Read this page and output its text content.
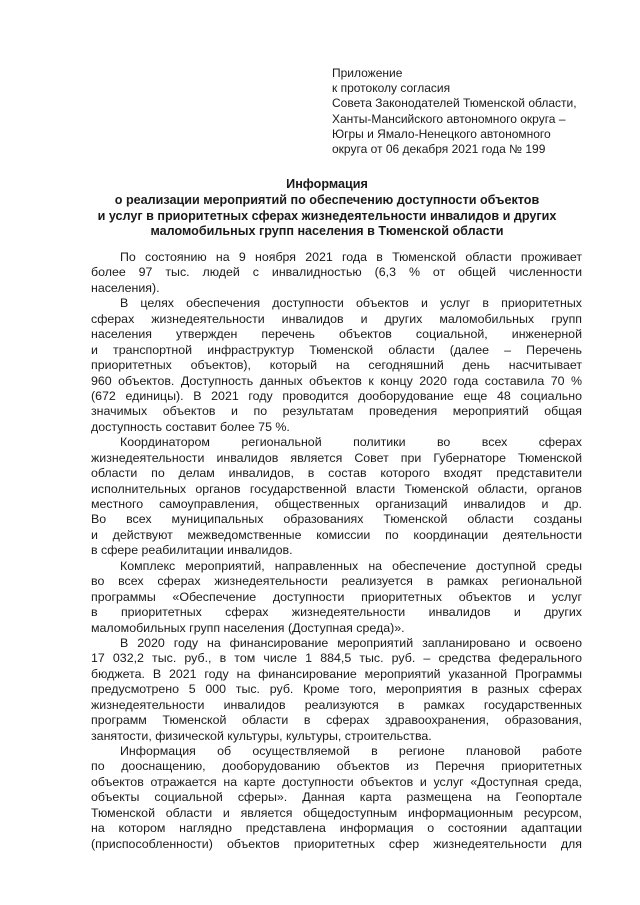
Приложение
к протоколу согласия
Совета Законодателей Тюменской области,
Ханты-Мансийского автономного округа –
Югры и Ямало-Ненецкого автономного
округа от 06 декабря 2021 года № 199
Информация
о реализации мероприятий по обеспечению доступности объектов
и услуг в приоритетных сферах жизнедеятельности инвалидов и других
маломобильных групп населения в Тюменской области
По состоянию на 9 ноября 2021 года в Тюменской области проживает
более 97 тыс. людей с инвалидностью (6,3 % от общей численности
населения).
В целях обеспечения доступности объектов и услуг в приоритетных
сферах жизнедеятельности инвалидов и других маломобильных групп
населения утвержден перечень объектов социальной, инженерной
и транспортной инфраструктур Тюменской области (далее – Перечень
приоритетных объектов), который на сегодняшний день насчитывает
960 объектов. Доступность данных объектов к концу 2020 года составила 70 %
(672 единицы). В 2021 году проводится дооборудование еще 48 социально
значимых объектов и по результатам проведения мероприятий общая
доступность составит более 75 %.
Координатором региональной политики во всех сферах
жизнедеятельности инвалидов является Совет при Губернаторе Тюменской
области по делам инвалидов, в состав которого входят представители
исполнительных органов государственной власти Тюменской области, органов
местного самоуправления, общественных организаций инвалидов и др.
Во всех муниципальных образованиях Тюменской области созданы
и действуют межведомственные комиссии по координации деятельности
в сфере реабилитации инвалидов.
Комплекс мероприятий, направленных на обеспечение доступной среды
во всех сферах жизнедеятельности реализуется в рамках региональной
программы «Обеспечение доступности приоритетных объектов и услуг
в приоритетных сферах жизнедеятельности инвалидов и других
маломобильных групп населения (Доступная среда)».
В 2020 году на финансирование мероприятий запланировано и освоено
17 032,2 тыс. руб., в том числе 1 884,5 тыс. руб. – средства федерального
бюджета. В 2021 году на финансирование мероприятий указанной Программы
предусмотрено 5 000 тыс. руб. Кроме того, мероприятия в разных сферах
жизнедеятельности инвалидов реализуются в рамках государственных
программ Тюменской области в сферах здравоохранения, образования,
занятости, физической культуры, культуры, строительства.
Информация об осуществляемой в регионе плановой работе
по дооснащению, дооборудованию объектов из Перечня приоритетных
объектов отражается на карте доступности объектов и услуг «Доступная среда,
объекты социальной сферы». Данная карта размещена на Геопортале
Тюменской области и является общедоступным информационным ресурсом,
на котором наглядно представлена информация о состоянии адаптации
(приспособленности) объектов приоритетных сфер жизнедеятельности для
